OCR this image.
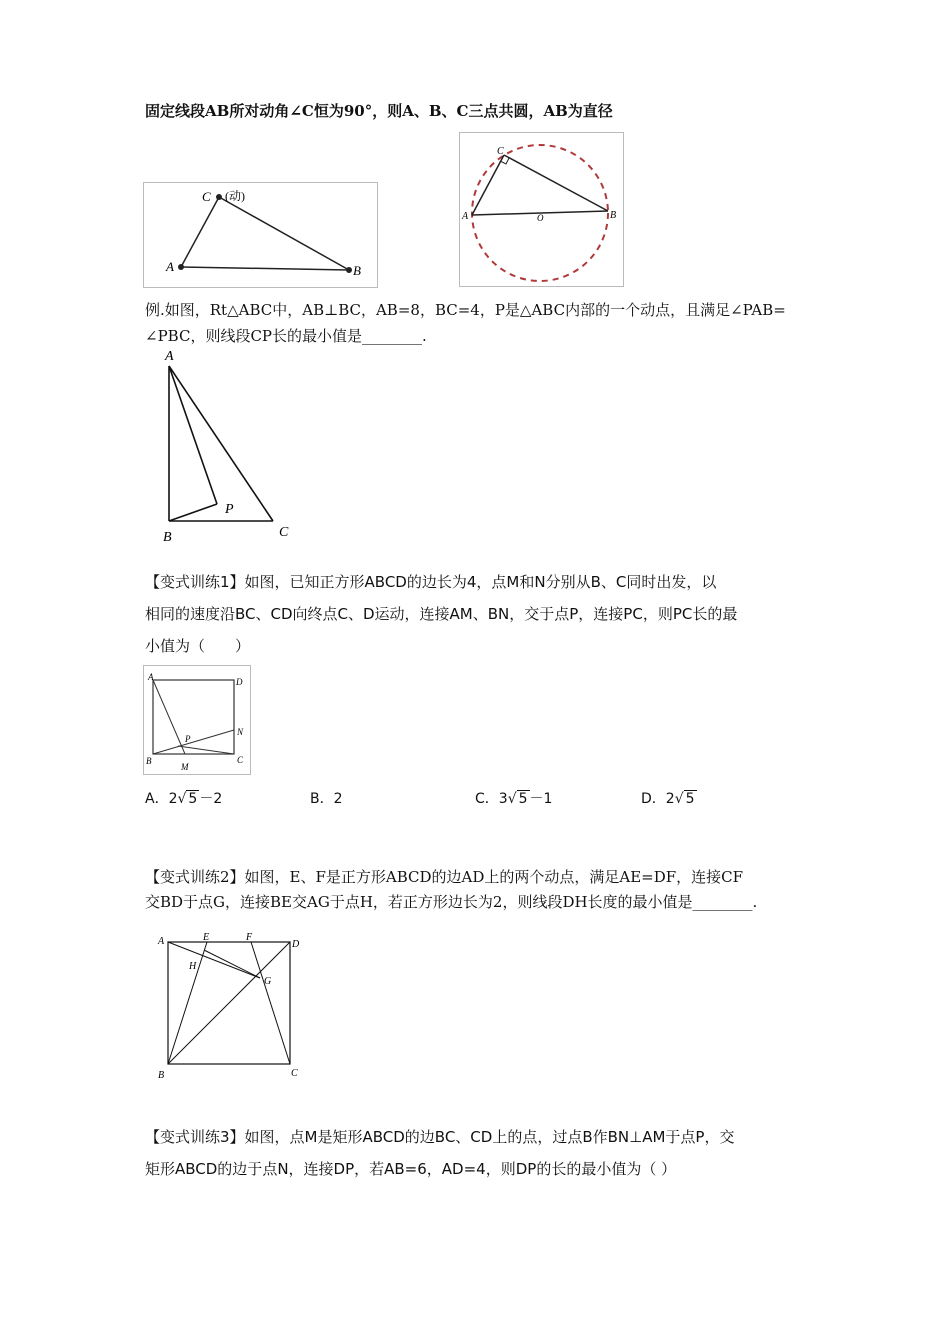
固定线段AB所对动角∠C恒为90°，则A、B、C三点共圆，AB为直径
C (动)
A	B
C
A	O	B
例.如图，Rt△ABC中，AB⊥BC，AB=8，BC=4，P是△ABC内部的一个动点，且满足∠PAB=
∠PBC，则线段CP长的最小值是________.
A
P
B	C
【变式训练1】如图，已知正方形ABCD的边长为4，点M和N分别从B、C同时出发，以
相同的速度沿BC、CD向终点C、D运动，连接AM、BN，交于点P，连接PC，则PC长的最
小值为（　　）
A	D
N
P
B
M
C
A．2√ 5 －2	B．2	C．3√ 5 －1	D．2√ 5
【变式训练2】如图，E、F是正方形ABCD的边AD上的两个动点，满足AE=DF，连接CF
交BD于点G，连接BE交AG于点H，若正方形边长为2，则线段DH长度的最小值是________.
A	E	F
D
H
G
B	C
【变式训练3】如图，点M是矩形ABCD的边BC、CD上的点，过点B作BN⊥AM于点P，交
矩形ABCD的边于点N，连接DP，若AB=6，AD=4，则DP的长的最小值为（ ）
